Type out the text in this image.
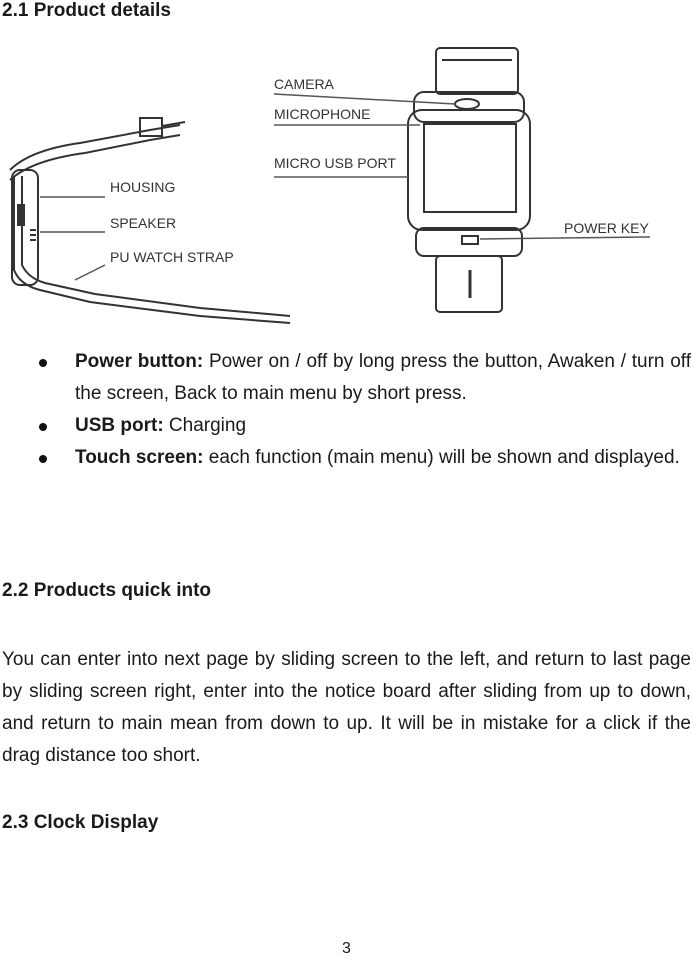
2.1 Product details
HOUSING
SPEAKER
PU WATCH STRAP
CAMERA
MICROPHONE
MICRO USB PORT
POWER KEY
Power button: Power on / off by long press the button, Awaken / turn off the screen, Back to main menu by short press.
USB port: Charging
Touch screen: each function (main menu) will be shown and displayed.
2.2 Products quick into

You can enter into next page by sliding screen to the left, and return to last page by sliding screen right, enter into the notice board after sliding from up to down, and return to main mean from down to up. It will be in mistake for a click if the drag distance too short.

2.3 Clock Display

3
